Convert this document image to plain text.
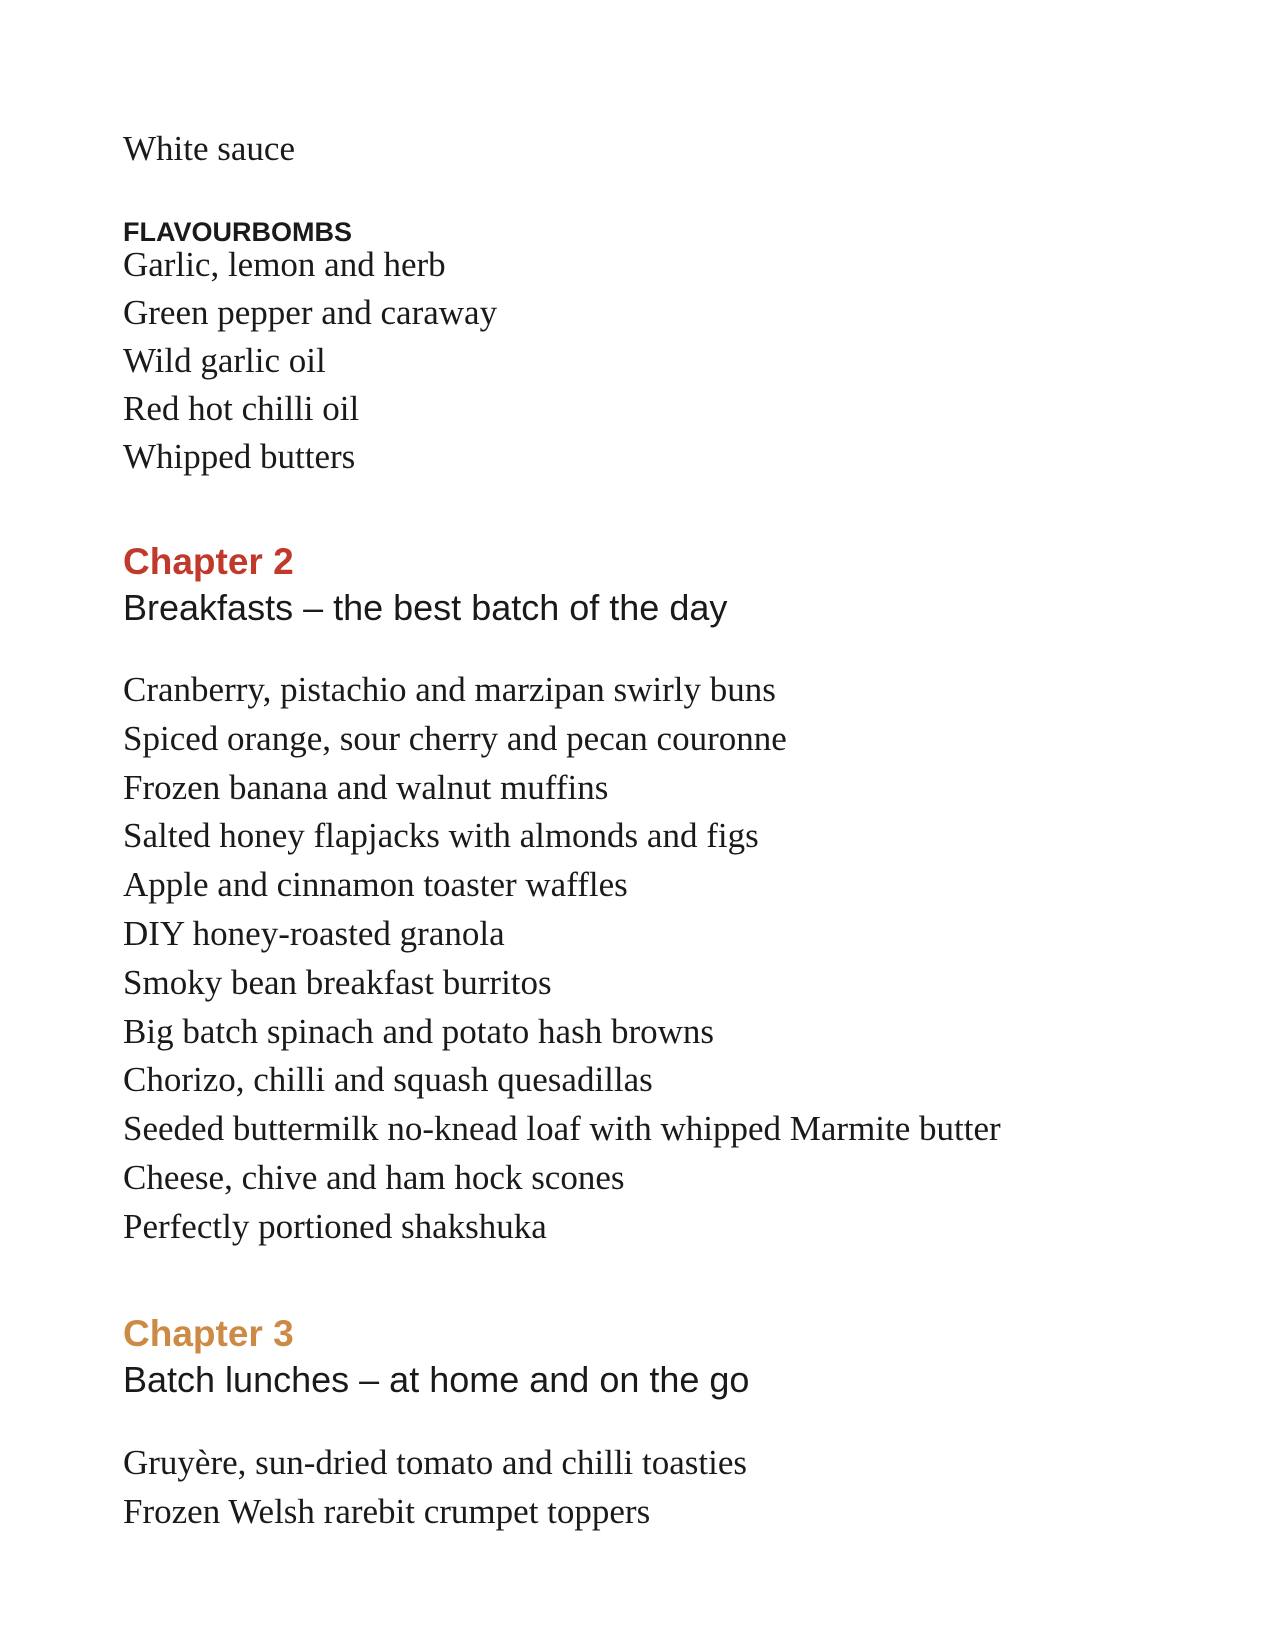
White sauce
FLAVOURBOMBS
Garlic, lemon and herb
Green pepper and caraway
Wild garlic oil
Red hot chilli oil
Whipped butters
Chapter 2
Breakfasts – the best batch of the day
Cranberry, pistachio and marzipan swirly buns
Spiced orange, sour cherry and pecan couronne
Frozen banana and walnut muffins
Salted honey flapjacks with almonds and figs
Apple and cinnamon toaster waffles
DIY honey-roasted granola
Smoky bean breakfast burritos
Big batch spinach and potato hash browns
Chorizo, chilli and squash quesadillas
Seeded buttermilk no-knead loaf with whipped Marmite butter
Cheese, chive and ham hock scones
Perfectly portioned shakshuka
Chapter 3
Batch lunches – at home and on the go
Gruyère, sun-dried tomato and chilli toasties
Frozen Welsh rarebit crumpet toppers
